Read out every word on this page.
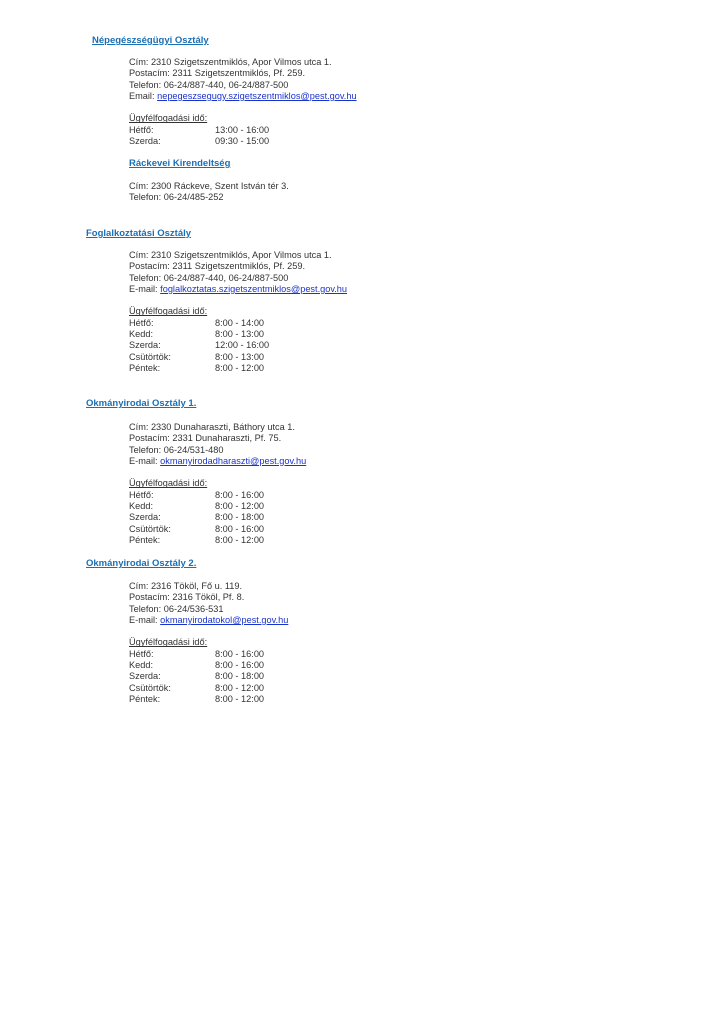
Népegészségügyi Osztály
Cím: 2310 Szigetszentmiklós, Apor Vilmos utca 1.
Postacím: 2311 Szigetszentmiklós, Pf. 259.
Telefon: 06-24/887-440, 06-24/887-500
Email: nepegeszsegugy.szigetszentmiklos@pest.gov.hu
Ügyfélfogadási idő:
Hétfő:	13:00 - 16:00
Szerda:	09:30 - 15:00
Ráckevei Kirendeltség
Cím: 2300 Ráckeve, Szent István tér 3.
Telefon: 06-24/485-252
Foglalkoztatási Osztály
Cím: 2310 Szigetszentmiklós, Apor Vilmos utca 1.
Postacím: 2311 Szigetszentmiklós, Pf. 259.
Telefon: 06-24/887-440, 06-24/887-500
E-mail: foglalkoztatas.szigetszentmiklos@pest.gov.hu
Ügyfélfogadási idő:
Hétfő:	8:00 - 14:00
Kedd:	8:00 - 13:00
Szerda:	12:00 - 16:00
Csütörtök:	8:00 - 13:00
Péntek:	8:00 - 12:00
Okmányirodai Osztály 1.
Cím: 2330 Dunaharaszti, Báthory utca 1.
Postacím: 2331 Dunaharaszti, Pf. 75.
Telefon: 06-24/531-480
E-mail: okmanyirodadharaszti@pest.gov.hu
Ügyfélfogadási idő:
Hétfő:	8:00 - 16:00
Kedd:	8:00 - 12:00
Szerda:	8:00 - 18:00
Csütörtök:	8:00 - 16:00
Péntek:	8:00 - 12:00
Okmányirodai Osztály 2.
Cím: 2316 Tököl, Fő u. 119.
Postacím: 2316 Tököl, Pf. 8.
Telefon: 06-24/536-531
E-mail: okmanyirodatokol@pest.gov.hu
Ügyfélfogadási idő:
Hétfő:	8:00 - 16:00
Kedd:	8:00 - 16:00
Szerda:	8:00 - 18:00
Csütörtök:	8:00 - 12:00
Péntek:	8:00 - 12:00
